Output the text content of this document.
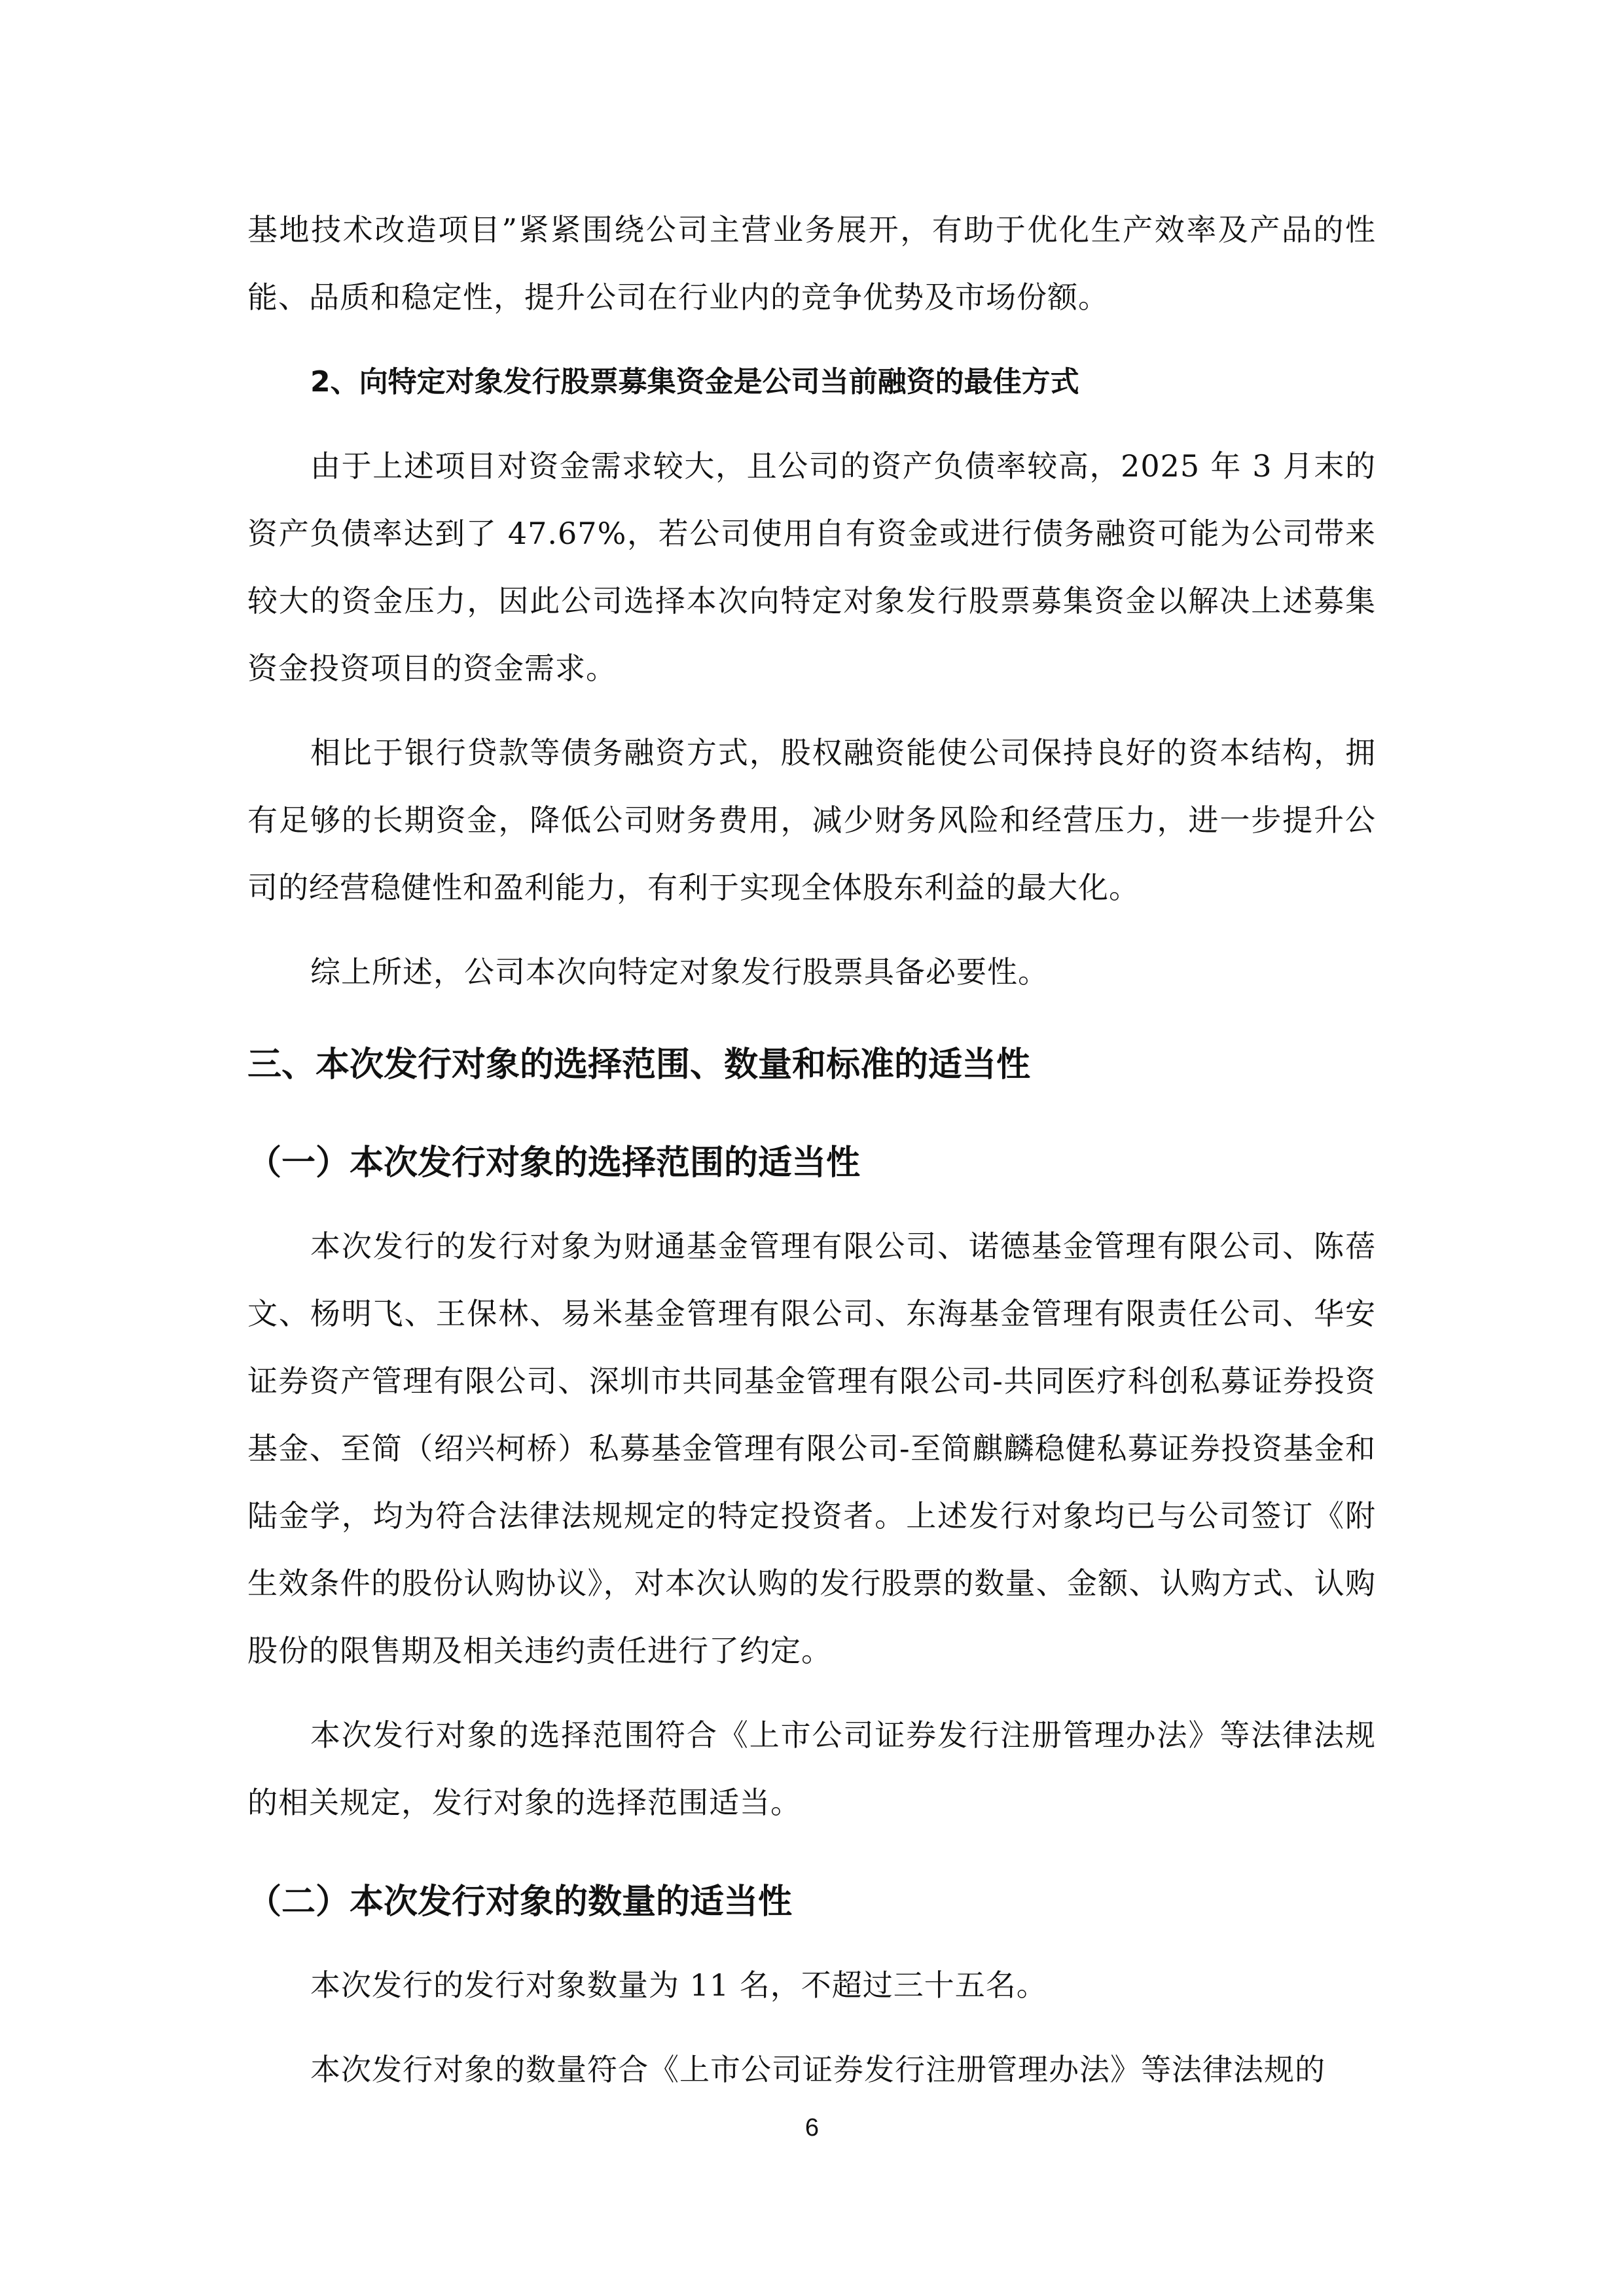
基地技术改造项目”紧紧围绕公司主营业务展开，有助于优化生产效率及产品的性能、品质和稳定性，提升公司在行业内的竞争优势及市场份额。

2、向特定对象发行股票募集资金是公司当前融资的最佳方式

由于上述项目对资金需求较大，且公司的资产负债率较高，2025 年 3 月末的资产负债率达到了 47.67%，若公司使用自有资金或进行债务融资可能为公司带来较大的资金压力，因此公司选择本次向特定对象发行股票募集资金以解决上述募集资金投资项目的资金需求。

相比于银行贷款等债务融资方式，股权融资能使公司保持良好的资本结构，拥有足够的长期资金，降低公司财务费用，减少财务风险和经营压力，进一步提升公司的经营稳健性和盈利能力，有利于实现全体股东利益的最大化。

综上所述，公司本次向特定对象发行股票具备必要性。

三、本次发行对象的选择范围、数量和标准的适当性
（一）本次发行对象的选择范围的适当性

本次发行的发行对象为财通基金管理有限公司、诺德基金管理有限公司、陈蓓文、杨明飞、王保林、易米基金管理有限公司、东海基金管理有限责任公司、华安证券资产管理有限公司、深圳市共同基金管理有限公司-共同医疗科创私募证券投资基金、至简（绍兴柯桥）私募基金管理有限公司-至简麒麟稳健私募证券投资基金和陆金学，均为符合法律法规规定的特定投资者。上述发行对象均已与公司签订《附生效条件的股份认购协议》，对本次认购的发行股票的数量、金额、认购方式、认购股份的限售期及相关违约责任进行了约定。

本次发行对象的选择范围符合《上市公司证券发行注册管理办法》等法律法规的相关规定，发行对象的选择范围适当。

（二）本次发行对象的数量的适当性

本次发行的发行对象数量为 11 名，不超过三十五名。

本次发行对象的数量符合《上市公司证券发行注册管理办法》等法律法规的

6
